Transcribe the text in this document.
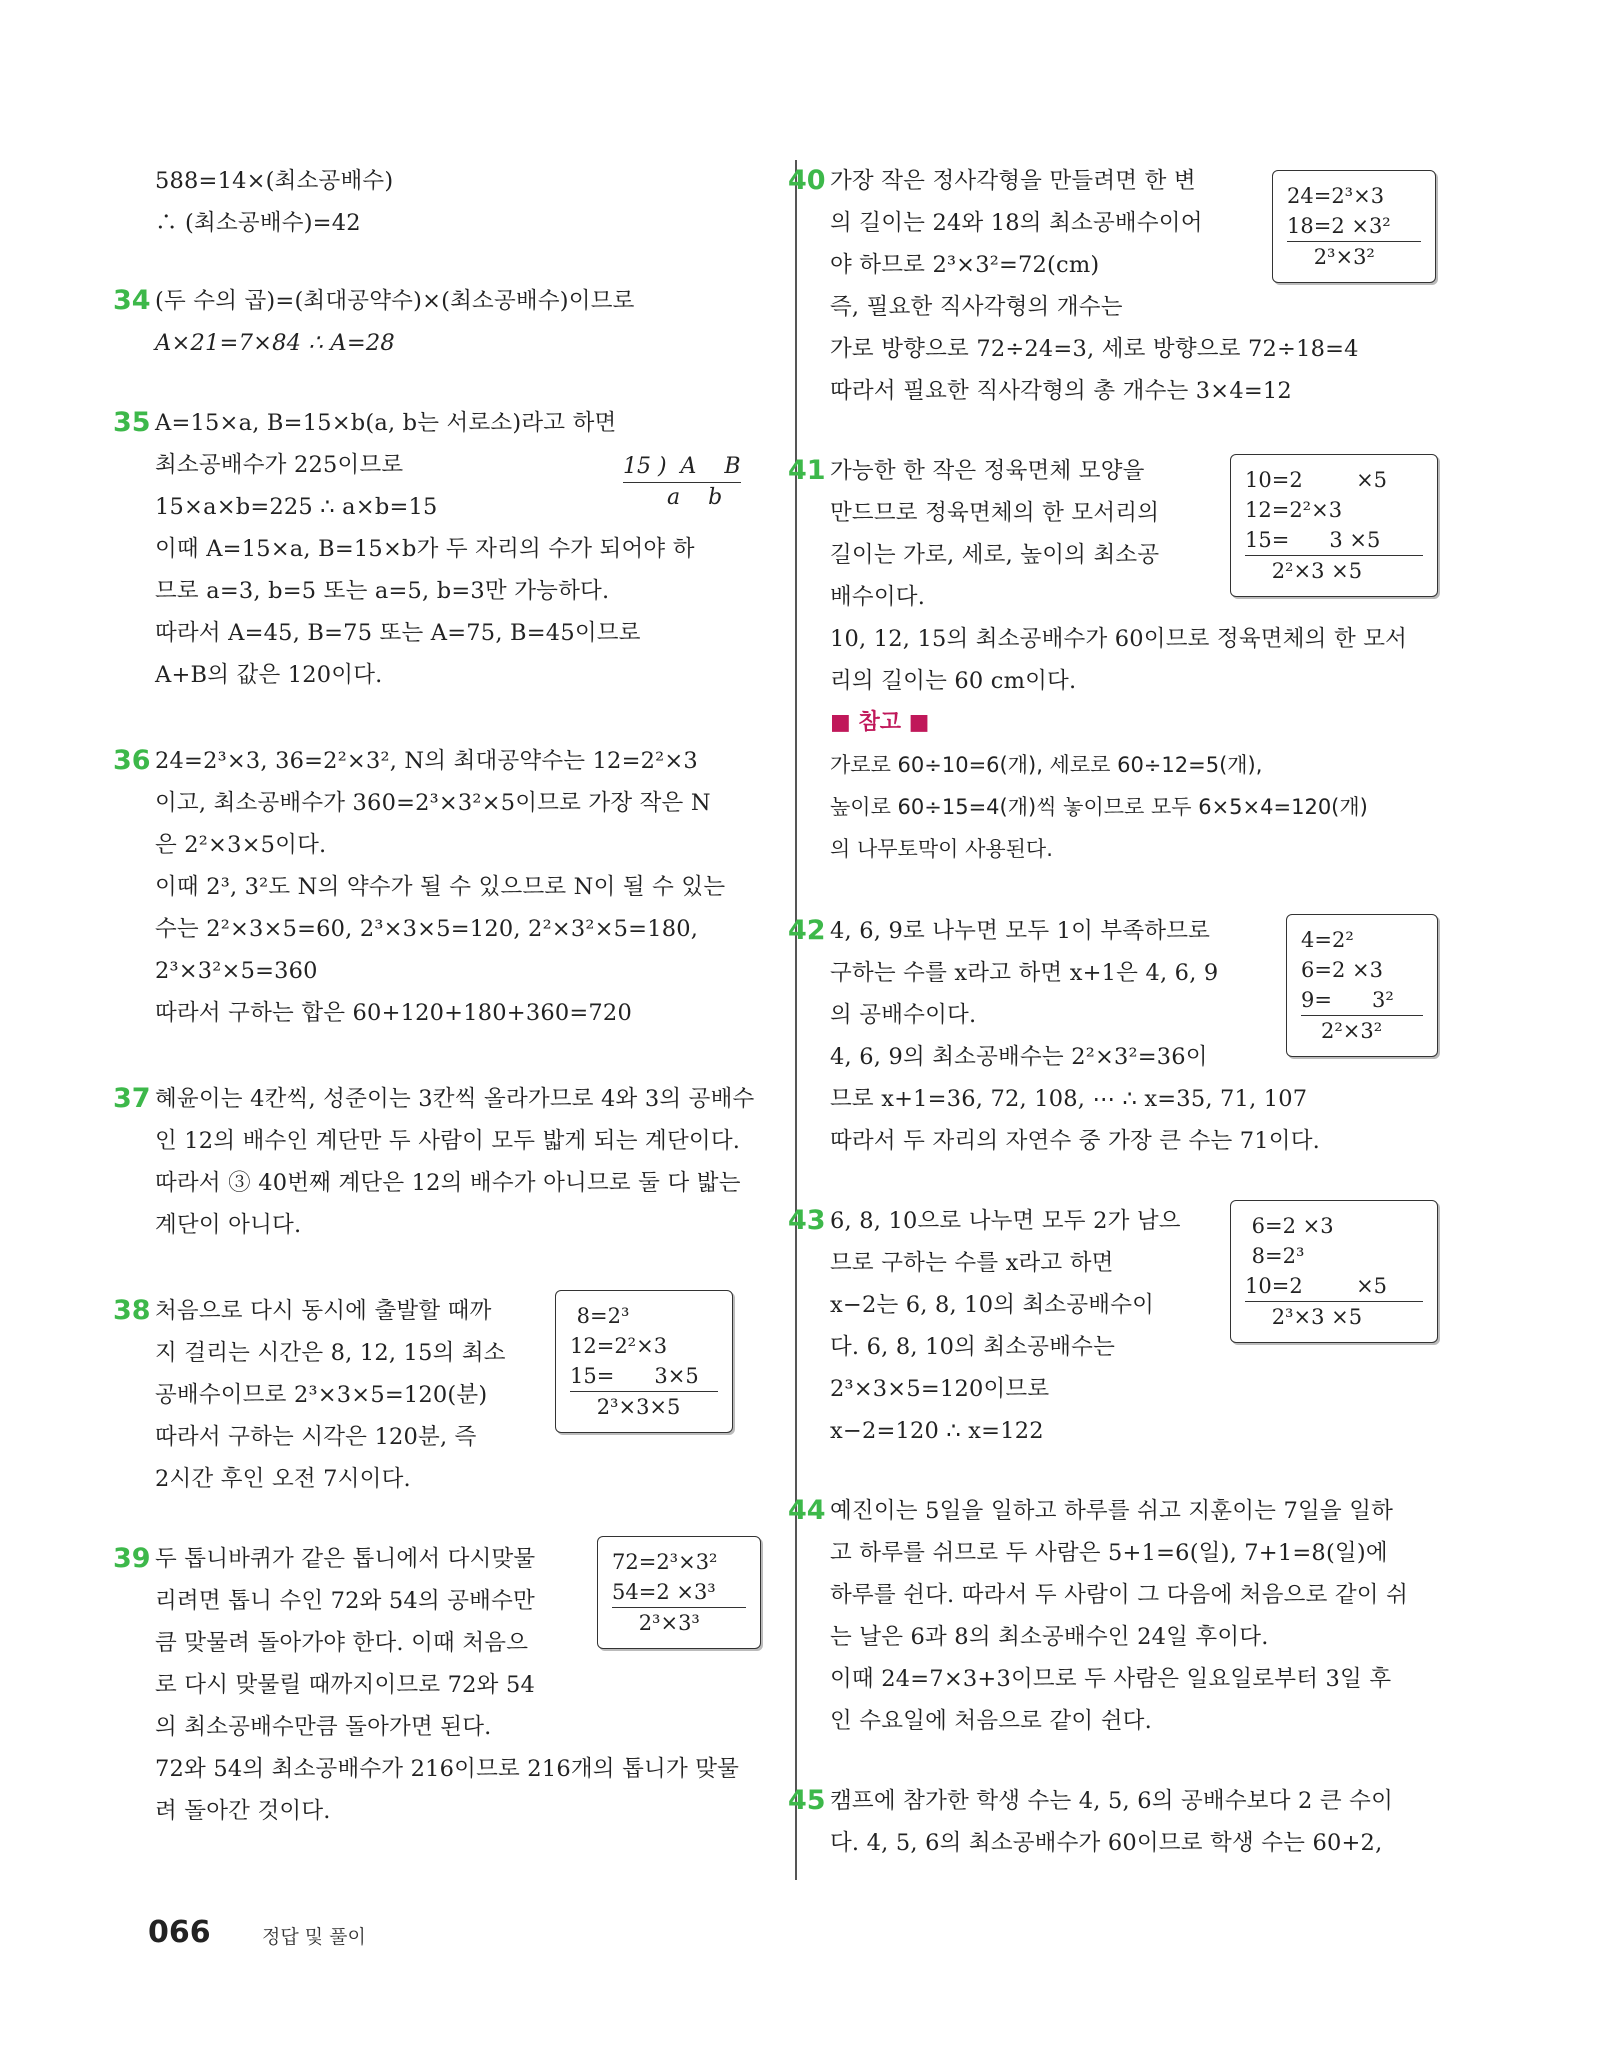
588=14×(최소공배수)
∴ (최소공배수)=42
34 (두 수의 곱)=(최대공약수)×(최소공배수)이므로
A×21=7×84 ∴ A=28
35 A=15×a, B=15×b(a, b는 서로소)라고 하면
최소공배수가 225이므로
15×a×b=225 ∴ a×b=15
이때 A=15×a, B=15×b가 두 자리의 수가 되어야 하
므로 a=3, b=5 또는 a=5, b=3만 가능하다.
따라서 A=45, B=75 또는 A=75, B=45이므로
A+B의 값은 120이다.
15 )  A    B
a    b
36 24=2³×3, 36=2²×3², N의 최대공약수는 12=2²×3
이고, 최소공배수가 360=2³×3²×5이므로 가장 작은 N
은 2²×3×5이다.
이때 2³, 3²도 N의 약수가 될 수 있으므로 N이 될 수 있는
수는 2²×3×5=60, 2³×3×5=120, 2²×3²×5=180,
2³×3²×5=360
따라서 구하는 합은 60+120+180+360=720
37 혜윤이는 4칸씩, 성준이는 3칸씩 올라가므로 4와 3의 공배수
인 12의 배수인 계단만 두 사람이 모두 밟게 되는 계단이다.
따라서 ③ 40번째 계단은 12의 배수가 아니므로 둘 다 밟는
계단이 아니다.
38 처음으로 다시 동시에 출발할 때까
지 걸리는 시간은 8, 12, 15의 최소
공배수이므로 2³×3×5=120(분)
따라서 구하는 시각은 120분, 즉
2시간 후인 오전 7시이다.
8=2³
12=2²×3
15=      3×5
2³×3×5
39 두 톱니바퀴가 같은 톱니에서 다시맞물
리려면 톱니 수인 72와 54의 공배수만
큼 맞물려 돌아가야 한다. 이때 처음으
로 다시 맞물릴 때까지이므로 72와 54
의 최소공배수만큼 돌아가면 된다.
72와 54의 최소공배수가 216이므로 216개의 톱니가 맞물
려 돌아간 것이다.
72=2³×3²
54=2 ×3³
2³×3³
40 가장 작은 정사각형을 만들려면 한 변
의 길이는 24와 18의 최소공배수이어
야 하므로 2³×3²=72(cm)
즉, 필요한 직사각형의 개수는
가로 방향으로 72÷24=3, 세로 방향으로 72÷18=4
따라서 필요한 직사각형의 총 개수는 3×4=12
24=2³×3
18=2 ×3²
2³×3²
41 가능한 한 작은 정육면체 모양을
만드므로 정육면체의 한 모서리의
길이는 가로, 세로, 높이의 최소공
배수이다.
10, 12, 15의 최소공배수가 60이므로 정육면체의 한 모서
리의 길이는 60 cm이다.
■ 참고 ■
가로로 60÷10=6(개), 세로로 60÷12=5(개),
높이로 60÷15=4(개)씩 놓이므로 모두 6×5×4=120(개)
의 나무토막이 사용된다.
10=2        ×5
12=2²×3
15=      3 ×5
2²×3 ×5
42 4, 6, 9로 나누면 모두 1이 부족하므로
구하는 수를 x라고 하면 x+1은 4, 6, 9
의 공배수이다.
4, 6, 9의 최소공배수는 2²×3²=36이
므로 x+1=36, 72, 108, ⋯ ∴ x=35, 71, 107
따라서 두 자리의 자연수 중 가장 큰 수는 71이다.
4=2²
6=2 ×3
9=      3²
2²×3²
43 6, 8, 10으로 나누면 모두 2가 남으
므로 구하는 수를 x라고 하면
x−2는 6, 8, 10의 최소공배수이
다. 6, 8, 10의 최소공배수는
2³×3×5=120이므로
x−2=120 ∴ x=122
6=2 ×3
8=2³
10=2        ×5
2³×3 ×5
44 예진이는 5일을 일하고 하루를 쉬고 지훈이는 7일을 일하
고 하루를 쉬므로 두 사람은 5+1=6(일), 7+1=8(일)에
하루를 쉰다. 따라서 두 사람이 그 다음에 처음으로 같이 쉬
는 날은 6과 8의 최소공배수인 24일 후이다.
이때 24=7×3+3이므로 두 사람은 일요일로부터 3일 후
인 수요일에 처음으로 같이 쉰다.
45 캠프에 참가한 학생 수는 4, 5, 6의 공배수보다 2 큰 수이
다. 4, 5, 6의 최소공배수가 60이므로 학생 수는 60+2,
066	정답 및 풀이
